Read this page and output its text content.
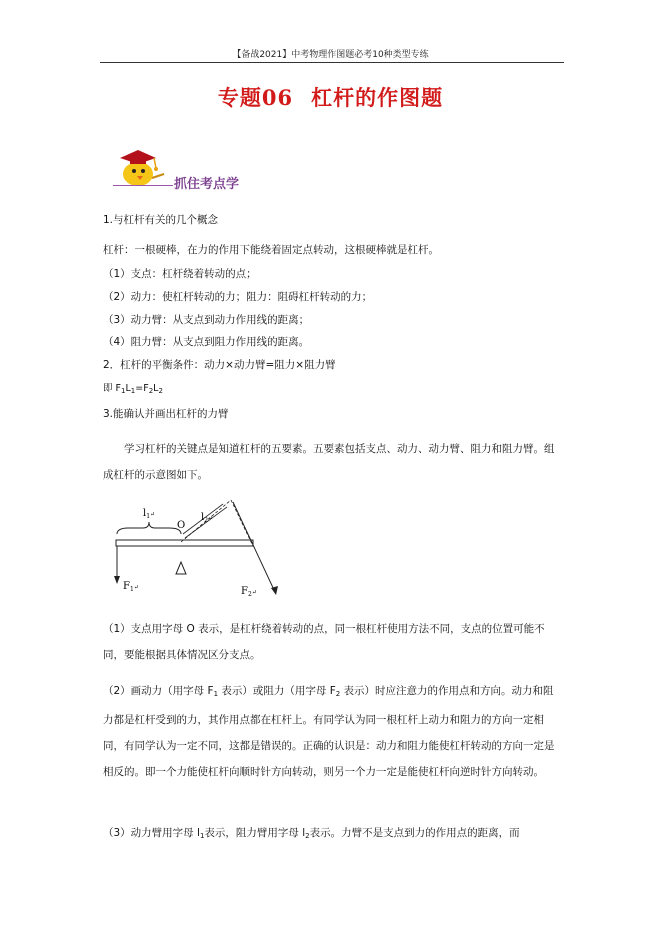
【备战2021】中考物理作图题必考10种类型专练
专题06 杠杆的作图题
抓住考点学
1.与杠杆有关的几个概念
杠杆：一根硬棒，在力的作用下能绕着固定点转动，这根硬棒就是杠杆。
（1）支点：杠杆绕着转动的点；
（2）动力：使杠杆转动的力；阻力：阻碍杠杆转动的力；
（3）动力臂：从支点到动力作用线的距离；
（4）阻力臂：从支点到阻力作用线的距离。
2．杠杆的平衡条件：动力×动力臂=阻力×阻力臂
即 $F_1L_1=F_2L_2$
3.能确认并画出杠杆的力臂
学习杠杆的关键点是知道杠杆的五要素。五要素包括支点、动力、动力臂、阻力和阻力臂。组成杠杆的示意图如下。
$l_1^↵$	$l_2^↵$
O
$F_1^↵$	$F_2^↵$
（1）支点用字母 O 表示，是杠杆绕着转动的点，同一根杠杆使用方法不同，支点的位置可能不同，要能根据具体情况区分支点。
（2）画动力（用字母 $F_1$ 表示）或阻力（用字母 $F_2$ 表示）时应注意力的作用点和方向。动力和阻力都是杠杆受到的力，其作用点都在杠杆上。有同学认为同一根杠杆上动力和阻力的方向一定相同，有同学认为一定不同，这都是错误的。正确的认识是：动力和阻力能使杠杆转动的方向一定是相反的。即一个力能使杠杆向顺时针方向转动，则另一个力一定是能使杠杆向逆时针方向转动。
（3）动力臂用字母 $l_1$表示，阻力臂用字母 $l_2$表示。力臂不是支点到力的作用点的距离，而
